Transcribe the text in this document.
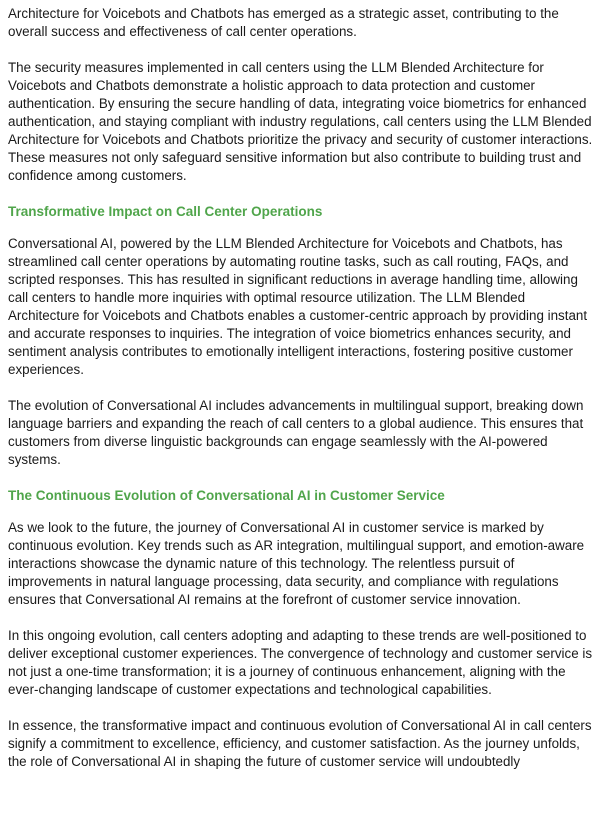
Architecture for Voicebots and Chatbots has emerged as a strategic asset, contributing to the overall success and effectiveness of call center operations.

The security measures implemented in call centers using the LLM Blended Architecture for Voicebots and Chatbots demonstrate a holistic approach to data protection and customer authentication. By ensuring the secure handling of data, integrating voice biometrics for enhanced authentication, and staying compliant with industry regulations, call centers using the LLM Blended Architecture for Voicebots and Chatbots prioritize the privacy and security of customer interactions. These measures not only safeguard sensitive information but also contribute to building trust and confidence among customers.

Transformative Impact on Call Center Operations

Conversational AI, powered by the LLM Blended Architecture for Voicebots and Chatbots, has streamlined call center operations by automating routine tasks, such as call routing, FAQs, and scripted responses. This has resulted in significant reductions in average handling time, allowing call centers to handle more inquiries with optimal resource utilization. The LLM Blended Architecture for Voicebots and Chatbots enables a customer-centric approach by providing instant and accurate responses to inquiries. The integration of voice biometrics enhances security, and sentiment analysis contributes to emotionally intelligent interactions, fostering positive customer experiences.

The evolution of Conversational AI includes advancements in multilingual support, breaking down language barriers and expanding the reach of call centers to a global audience. This ensures that customers from diverse linguistic backgrounds can engage seamlessly with the AI-powered systems.

The Continuous Evolution of Conversational AI in Customer Service

As we look to the future, the journey of Conversational AI in customer service is marked by continuous evolution. Key trends such as AR integration, multilingual support, and emotion-aware interactions showcase the dynamic nature of this technology. The relentless pursuit of improvements in natural language processing, data security, and compliance with regulations ensures that Conversational AI remains at the forefront of customer service innovation.

In this ongoing evolution, call centers adopting and adapting to these trends are well-positioned to deliver exceptional customer experiences. The convergence of technology and customer service is not just a one-time transformation; it is a journey of continuous enhancement, aligning with the ever-changing landscape of customer expectations and technological capabilities.

In essence, the transformative impact and continuous evolution of Conversational AI in call centers signify a commitment to excellence, efficiency, and customer satisfaction. As the journey unfolds, the role of Conversational AI in shaping the future of customer service will undoubtedly
